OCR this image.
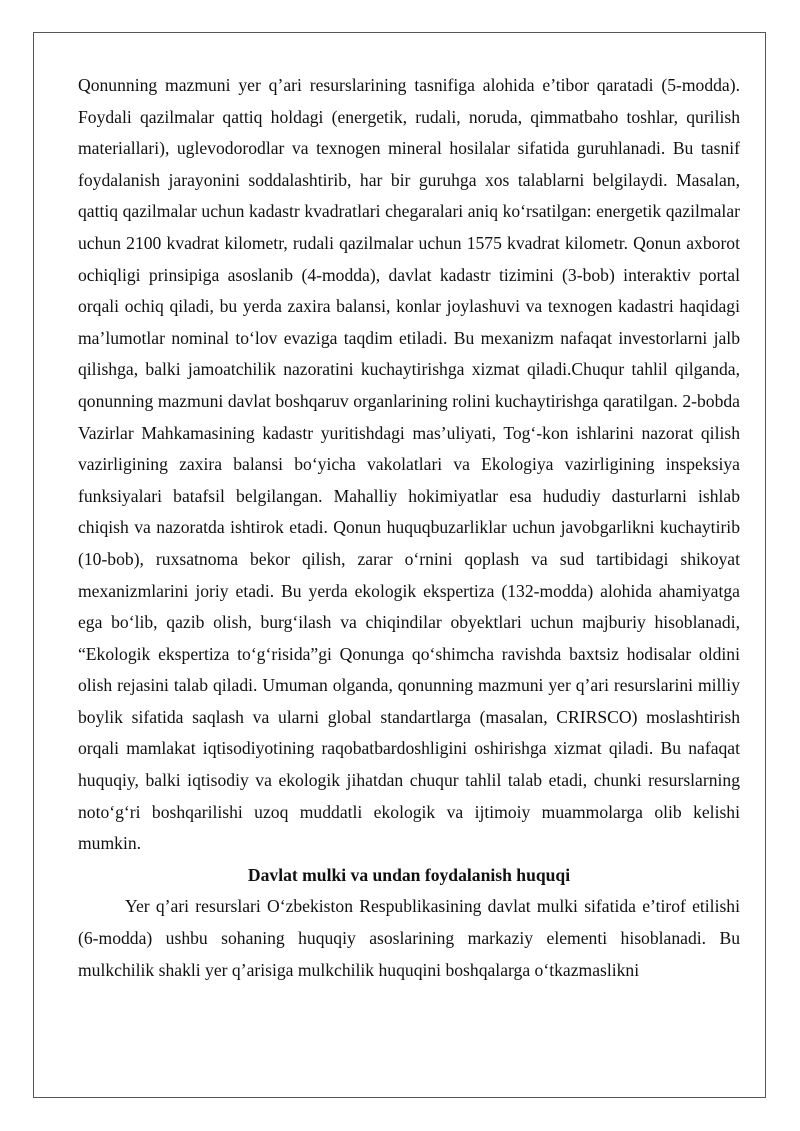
Qonunning mazmuni yer q’ari resurslarining tasnifiga alohida e’tibor qaratadi (5-modda). Foydali qazilmalar qattiq holdagi (energetik, rudali, noruda, qimmatbaho toshlar, qurilish materiallari), uglevodorodlar va texnogen mineral hosilalar sifatida guruhlanadi. Bu tasnif foydalanish jarayonini soddalashtirib, har bir guruhga xos talablarni belgilaydi. Masalan, qattiq qazilmalar uchun kadastr kvadratlari chegaralari aniq ko‘rsatilgan: energetik qazilmalar uchun 2100 kvadrat kilometr, rudali qazilmalar uchun 1575 kvadrat kilometr. Qonun axborot ochiqligi prinsipiga asoslanib (4-modda), davlat kadastr tizimini (3-bob) interaktiv portal orqali ochiq qiladi, bu yerda zaxira balansi, konlar joylashuvi va texnogen kadastri haqidagi ma’lumotlar nominal to‘lov evaziga taqdim etiladi. Bu mexanizm nafaqat investorlarni jalb qilishga, balki jamoatchilik nazoratini kuchaytirishga xizmat qiladi.Chuqur tahlil qilganda, qonunning mazmuni davlat boshqaruv organlarining rolini kuchaytirishga qaratilgan. 2-bobda Vazirlar Mahkamasining kadastr yuritishdagi mas’uliyati, Tog‘-kon ishlarini nazorat qilish vazirligining zaxira balansi bo‘yicha vakolatlari va Ekologiya vazirligining inspeksiya funksiyalari batafsil belgilangan. Mahalliy hokimiyatlar esa hududiy dasturlarni ishlab chiqish va nazoratda ishtirok etadi. Qonun huquqbuzarliklar uchun javobgarlikni kuchaytirib (10-bob), ruxsatnoma bekor qilish, zarar o‘rnini qoplash va sud tartibidagi shikoyat mexanizmlarini joriy etadi. Bu yerda ekologik ekspertiza (132-modda) alohida ahamiyatga ega bo‘lib, qazib olish, burg‘ilash va chiqindilar obyektlari uchun majburiy hisoblanadi, “Ekologik ekspertiza to‘g‘risida”gi Qonunga qo‘shimcha ravishda baxtsiz hodisalar oldini olish rejasini talab qiladi. Umuman olganda, qonunning mazmuni yer q’ari resurslarini milliy boylik sifatida saqlash va ularni global standartlarga (masalan, CRIRSCO) moslashtirish orqali mamlakat iqtisodiyotining raqobatbardoshligini oshirishga xizmat qiladi. Bu nafaqat huquqiy, balki iqtisodiy va ekologik jihatdan chuqur tahlil talab etadi, chunki resurslarning noto‘g‘ri boshqarilishi uzoq muddatli ekologik va ijtimoiy muammolarga olib kelishi mumkin.

Davlat mulki va undan foydalanish huquqi

Yer q’ari resurslari O‘zbekiston Respublikasining davlat mulki sifatida e’tirof etilishi (6-modda) ushbu sohaning huquqiy asoslarining markaziy elementi hisoblanadi. Bu mulkchilik shakli yer q’arisiga mulkchilik huquqini boshqalarga o‘tkazmaslikni
